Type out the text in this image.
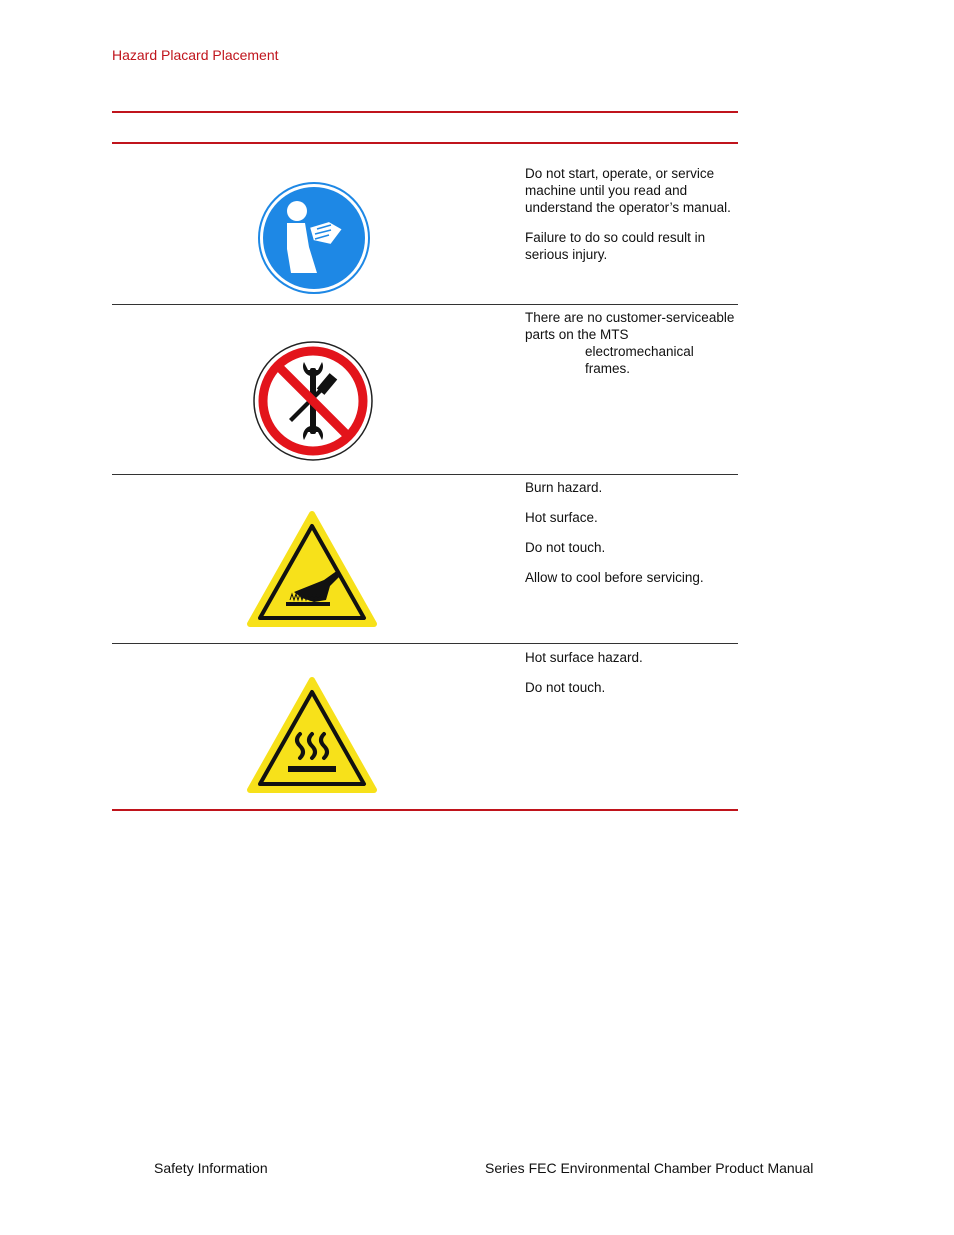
Hazard Placard Placement

Do not start, operate, or service machine until you read and understand the operator’s manual.

Failure to do so could result in serious injury.

There are no customer-serviceable parts on the MTS
electromechanical frames.

Burn hazard.

Hot surface.

Do not touch.

Allow to cool before servicing.

Hot surface hazard.

Do not touch.

Safety Information	Series FEC Environmental Chamber Product Manual
